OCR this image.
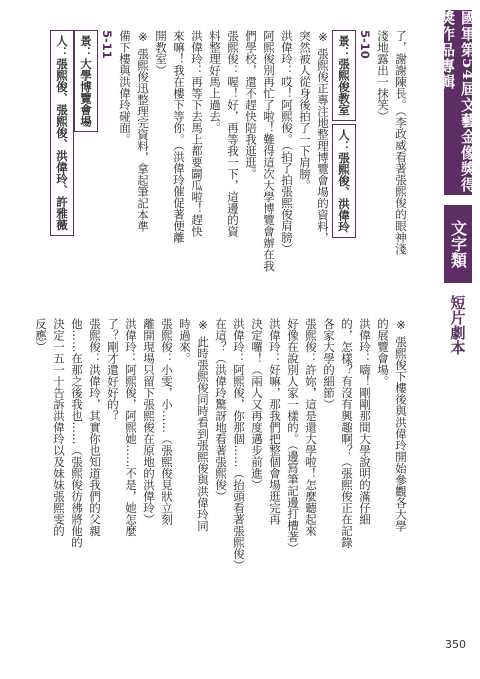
國軍第54屆文藝金像獎得獎作品專輯
文字類
短片劇本
350

了，謝謝陳長。（李政威看著張熙俊的眼神淺

淺地露出一抹笑）

5-10

景：張熙俊教室

人：張熙俊、洪偉玲

※ 張熙俊正專注地整理博覽會場的資料，

突然被人從身後拍了一下肩膀。

洪偉玲：哎！阿熙俊。（拍了拍張熙俊肩膀）

阿熙俊別再忙了啦！難得這次大學博覽會辦在我

們學校，還不趕快陪我逛逛。

張熙俊：喔！好，再等我一下，這邊的資

料整理好馬上過去。

洪偉玲：再等下去馬上都要闢瓜啦！趕快

來嘛！我在樓下等你。（洪偉玲催促著便離

開教室）

※ 張熙俊迅整理完資料，拿起筆記本準

備下樓與洪偉玲碰面。

5-11

景：大學博覽會場

人：張熙俊、張熙俊、洪偉玲、許雅薇

※ 張熙俊下樓後與洪偉玲開始參觀各大學

的展覽會場。

洪偉玲：嗨！剛剛那間大學說明的滿仔細

的，怎樣？有沒有興趣啊？（張熙俊正在記錄

各家大學的細節）

張熙俊：許妳，這是還大學啦！怎麼聽起來

好像在說別人家一樣的。（邊寫筆記邊打槽著）

洪偉玲：好嘛，那我們把整個會場逛完再

決定囉！（兩人又再度邁步前進）

洪偉玲：阿熙俊，你那個……（抬頭看著張熙俊）

在這？（洪偉玲驚訝地看著張熙俊）

※ 此時張熙俊同時看到張熙俊與洪偉玲同

時過來。

張熙俊：小雯，小……（張熙俊見狀立刻

離開現場只留下張熙俊在原地的洪偉玲）

洪偉玲：阿熙俊，阿熙她……不是，她怎麼

了？剛才還好好的？

張熙俊：洪偉玲，其實你也知道我們的父親

他……在那之後我也……（張熙俊彷彿將他的

決定一五一十告訴洪偉玲以及妹妹張熙雯的

反應）
